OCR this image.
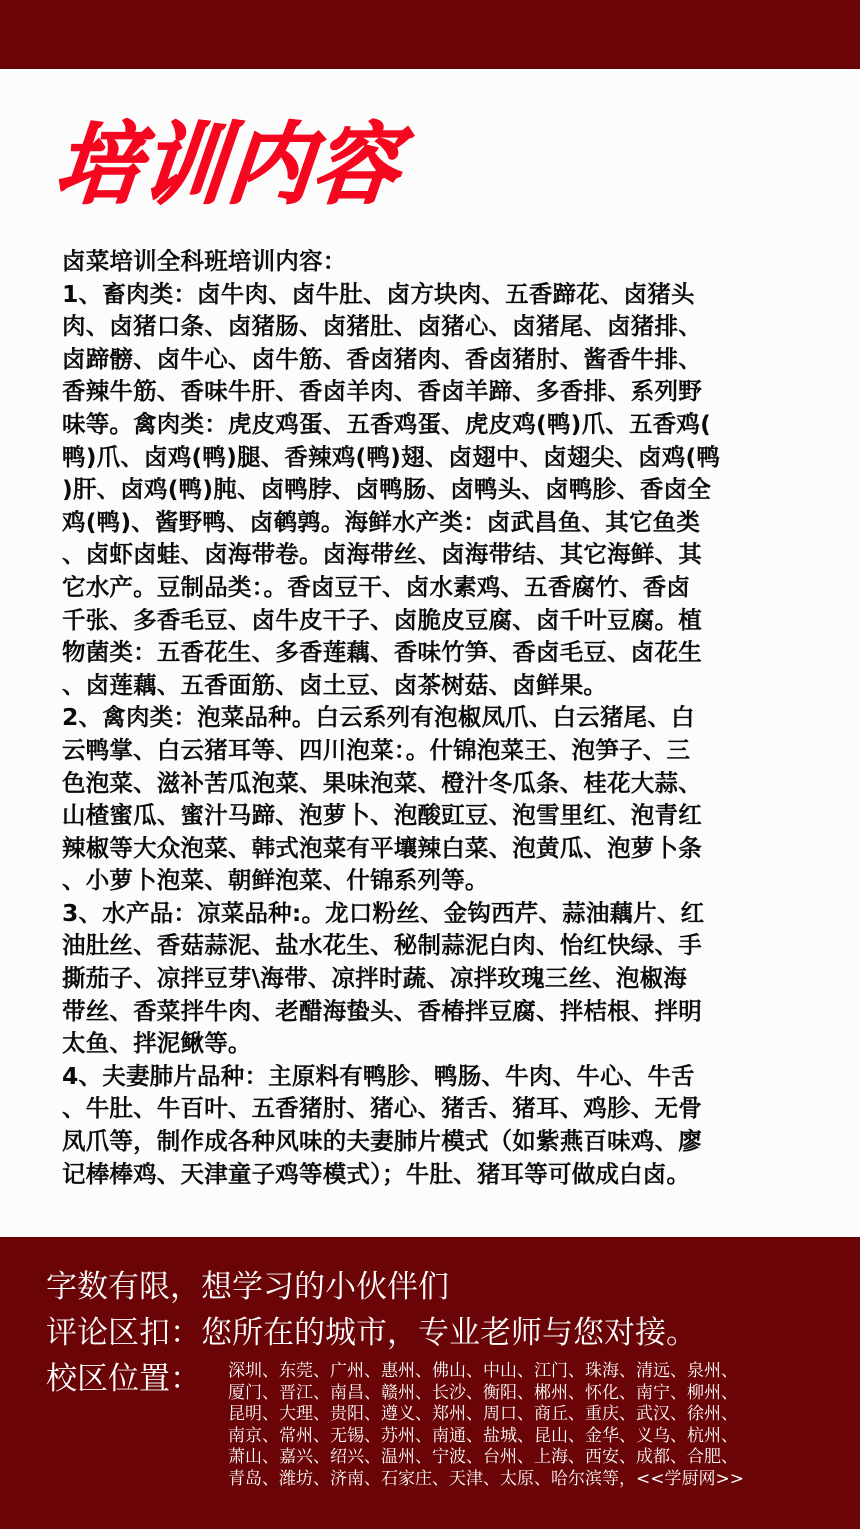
培训内容
卤菜培训全科班培训内容：
1、畜肉类：卤牛肉、卤牛肚、卤方块肉、五香蹄花、卤猪头
肉、卤猪口条、卤猪肠、卤猪肚、卤猪心、卤猪尾、卤猪排、
卤蹄髈、卤牛心、卤牛筋、香卤猪肉、香卤猪肘、酱香牛排、
香辣牛筋、香味牛肝、香卤羊肉、香卤羊蹄、多香排、系列野
味等。禽肉类：虎皮鸡蛋、五香鸡蛋、虎皮鸡(鸭)爪、五香鸡(
鸭)爪、卤鸡(鸭)腿、香辣鸡(鸭)翅、卤翅中、卤翅尖、卤鸡(鸭
)肝、卤鸡(鸭)肫、卤鸭脖、卤鸭肠、卤鸭头、卤鸭胗、香卤全
鸡(鸭)、酱野鸭、卤鹌鹑。海鲜水产类：卤武昌鱼、其它鱼类
、卤虾卤蛙、卤海带卷。卤海带丝、卤海带结、其它海鲜、其
它水产。豆制品类：。香卤豆干、卤水素鸡、五香腐竹、香卤
千张、多香毛豆、卤牛皮干子、卤脆皮豆腐、卤千叶豆腐。植
物菌类：五香花生、多香莲藕、香味竹笋、香卤毛豆、卤花生
、卤莲藕、五香面筋、卤土豆、卤茶树菇、卤鲜果。
2、禽肉类：泡菜品种。白云系列有泡椒凤爪、白云猪尾、白
云鸭掌、白云猪耳等、四川泡菜：。什锦泡菜王、泡笋子、三
色泡菜、滋补苦瓜泡菜、果味泡菜、橙汁冬瓜条、桂花大蒜、
山楂蜜瓜、蜜汁马蹄、泡萝卜、泡酸豇豆、泡雪里红、泡青红
辣椒等大众泡菜、韩式泡菜有平壤辣白菜、泡黄瓜、泡萝卜条
、小萝卜泡菜、朝鲜泡菜、什锦系列等。
3、水产品：凉菜品种:。龙口粉丝、金钩西芹、蒜油藕片、红
油肚丝、香菇蒜泥、盐水花生、秘制蒜泥白肉、怡红快绿、手
撕茄子、凉拌豆芽\海带、凉拌时蔬、凉拌玫瑰三丝、泡椒海
带丝、香菜拌牛肉、老醋海蛰头、香椿拌豆腐、拌桔根、拌明
太鱼、拌泥鳅等。
4、夫妻肺片品种：主原料有鸭胗、鸭肠、牛肉、牛心、牛舌
、牛肚、牛百叶、五香猪肘、猪心、猪舌、猪耳、鸡胗、无骨
凤爪等，制作成各种风味的夫妻肺片模式（如紫燕百味鸡、廖
记棒棒鸡、天津童子鸡等模式）；牛肚、猪耳等可做成白卤。
字数有限，想学习的小伙伴们
评论区扣：您所在的城市，专业老师与您对接。
校区位置： 深圳、东莞、广州、惠州、佛山、中山、江门、珠海、清远、泉州、
厦门、晋江、南昌、赣州、长沙、衡阳、郴州、怀化、南宁、柳州、
昆明、大理、贵阳、遵义、郑州、周口、商丘、重庆、武汉、徐州、
南京、常州、无锡、苏州、南通、盐城、昆山、金华、义乌、杭州、
萧山、嘉兴、绍兴、温州、宁波、台州、上海、西安、成都、合肥、
青岛、潍坊、济南、石家庄、天津、太原、哈尔滨等，<<学厨网>>
